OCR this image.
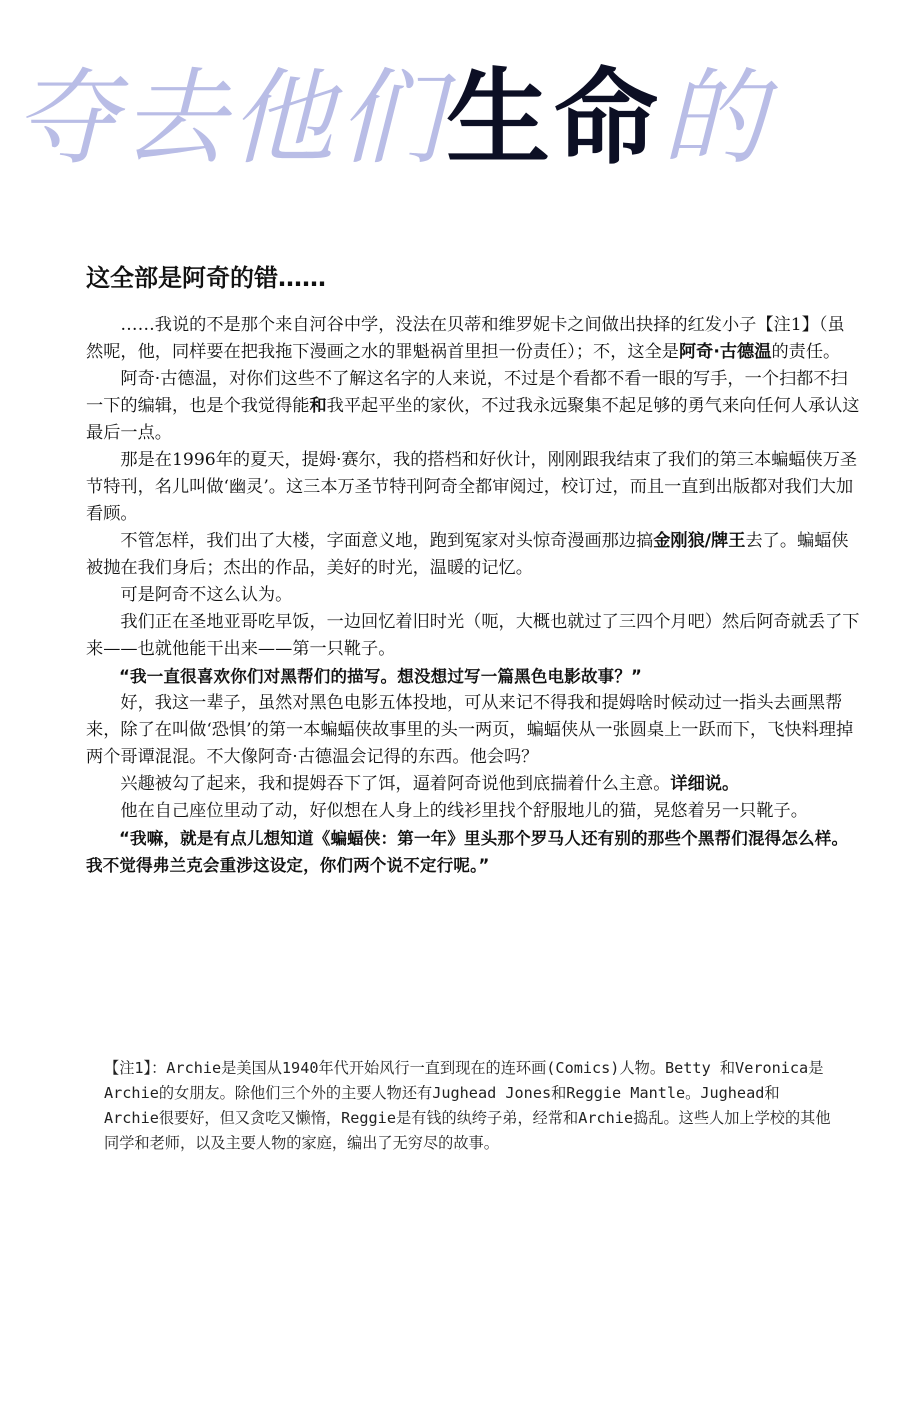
夺去他们 生命 的
这全部是阿奇的错……

……我说的不是那个来自河谷中学，没法在贝蒂和维罗妮卡之间做出抉择的红发小子【注1】（虽然呢，他，同样要在把我拖下漫画之水的罪魁祸首里担一份责任）；不，这全是阿奇·古德温的责任。

阿奇·古德温，对你们这些不了解这名字的人来说，不过是个看都不看一眼的写手，一个扫都不扫一下的编辑，也是个我觉得能和我平起平坐的家伙，不过我永远聚集不起足够的勇气来向任何人承认这最后一点。

那是在1996年的夏天，提姆·赛尔，我的搭档和好伙计，刚刚跟我结束了我们的第三本蝙蝠侠万圣节特刊，名儿叫做‘幽灵’。这三本万圣节特刊阿奇全都审阅过，校订过，而且一直到出版都对我们大加看顾。

不管怎样，我们出了大楼，字面意义地，跑到冤家对头惊奇漫画那边搞金刚狼/牌王去了。蝙蝠侠被抛在我们身后；杰出的作品，美好的时光，温暖的记忆。

可是阿奇不这么认为。

我们正在圣地亚哥吃早饭，一边回忆着旧时光（呃，大概也就过了三四个月吧）然后阿奇就丢了下来——也就他能干出来——第一只靴子。

“我一直很喜欢你们对黑帮们的描写。想没想过写一篇黑色电影故事？”

好，我这一辈子，虽然对黑色电影五体投地，可从来记不得我和提姆啥时候动过一指头去画黑帮来，除了在叫做‘恐惧’的第一本蝙蝠侠故事里的头一两页，蝙蝠侠从一张圆桌上一跃而下，飞快料理掉两个哥谭混混。不大像阿奇·古德温会记得的东西。他会吗？

兴趣被勾了起来，我和提姆吞下了饵，逼着阿奇说他到底揣着什么主意。详细说。

他在自己座位里动了动，好似想在人身上的线衫里找个舒服地儿的猫，晃悠着另一只靴子。

“我嘛，就是有点儿想知道《蝙蝠侠：第一年》里头那个罗马人还有别的那些个黑帮们混得怎么样。我不觉得弗兰克会重涉这设定，你们两个说不定行呢。”

【注1】：Archie是美国从1940年代开始风行一直到现在的连环画(Comics)人物。Betty 和Veronica是Archie的女朋友。除他们三个外的主要人物还有Jughead Jones和Reggie Mantle。Jughead和Archie很要好，但又贪吃又懒惰，Reggie是有钱的纨绔子弟，经常和Archie捣乱。这些人加上学校的其他同学和老师，以及主要人物的家庭，编出了无穷尽的故事。
